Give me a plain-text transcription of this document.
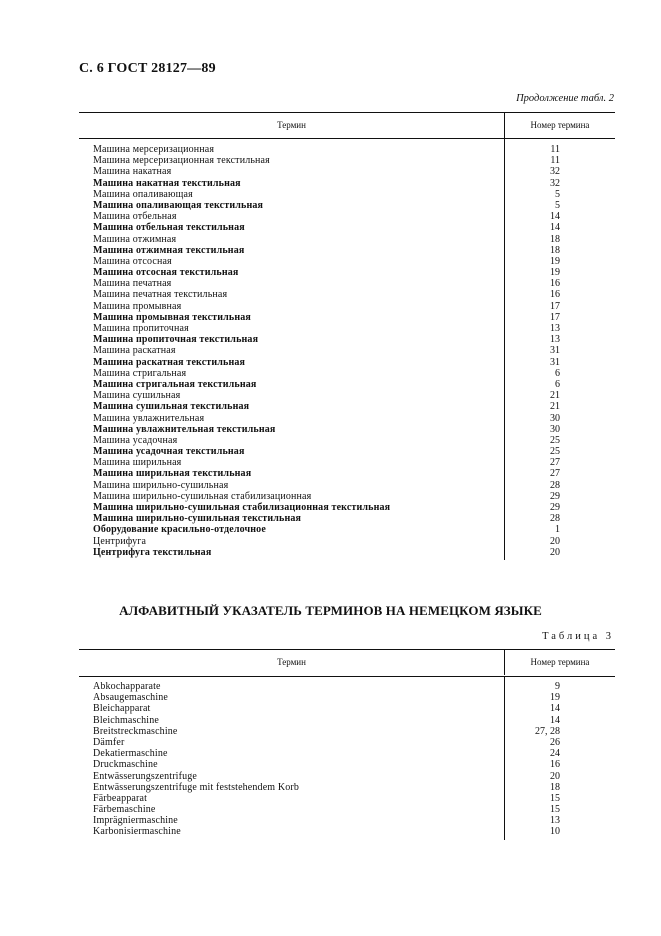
С. 6 ГОСТ 28127—89
Продолжение табл. 2
Термин	Номер термина
Машина мерсеризационная	11
Машина мерсеризационная текстильная	11
Машина накатная	32
Машина накатная текстильная	32
Машина опаливающая	5
Машина опаливающая текстильная	5
Машина отбельная	14
Машина отбельная текстильная	14
Машина отжимная	18
Машина отжимная текстильная	18
Машина отсосная	19
Машина отсосная текстильная	19
Машина печатная	16
Машина печатная текстильная	16
Машина промывная	17
Машина промывная текстильная	17
Машина пропиточная	13
Машина пропиточная текстильная	13
Машина раскатная	31
Машина раскатная текстильная	31
Машина стригальная	6
Машина стригальная текстильная	6
Машина сушильная	21
Машина сушильная текстильная	21
Машина увлажнительная	30
Машина увлажнительная текстильная	30
Машина усадочная	25
Машина усадочная текстильная	25
Машина ширильная	27
Машина ширильная текстильная	27
Машина ширильно-сушильная	28
Машина ширильно-сушильная стабилизационная	29
Машина ширильно-сушильная стабилизационная текстильная	29
Машина ширильно-сушильная текстильная	28
Оборудование красильно-отделочное	1
Центрифуга	20
Центрифуга текстильная	20
АЛФАВИТНЫЙ УКАЗАТЕЛЬ ТЕРМИНОВ НА НЕМЕЦКОМ ЯЗЫКЕ
Таблица 3
Термин	Номер термина
Abkochapparate	9
Absaugemaschine	19
Bleichapparat	14
Bleichmaschine	14
Breitstreckmaschine	27, 28
Dämfer	26
Dekatiermaschine	24
Druckmaschine	16
Entwässerungszentrifuge	20
Entwässerungszentrifuge mit feststehendem Korb	18
Färbeapparat	15
Färbemaschine	15
Imprägniermaschine	13
Karbonisiermaschine	10
